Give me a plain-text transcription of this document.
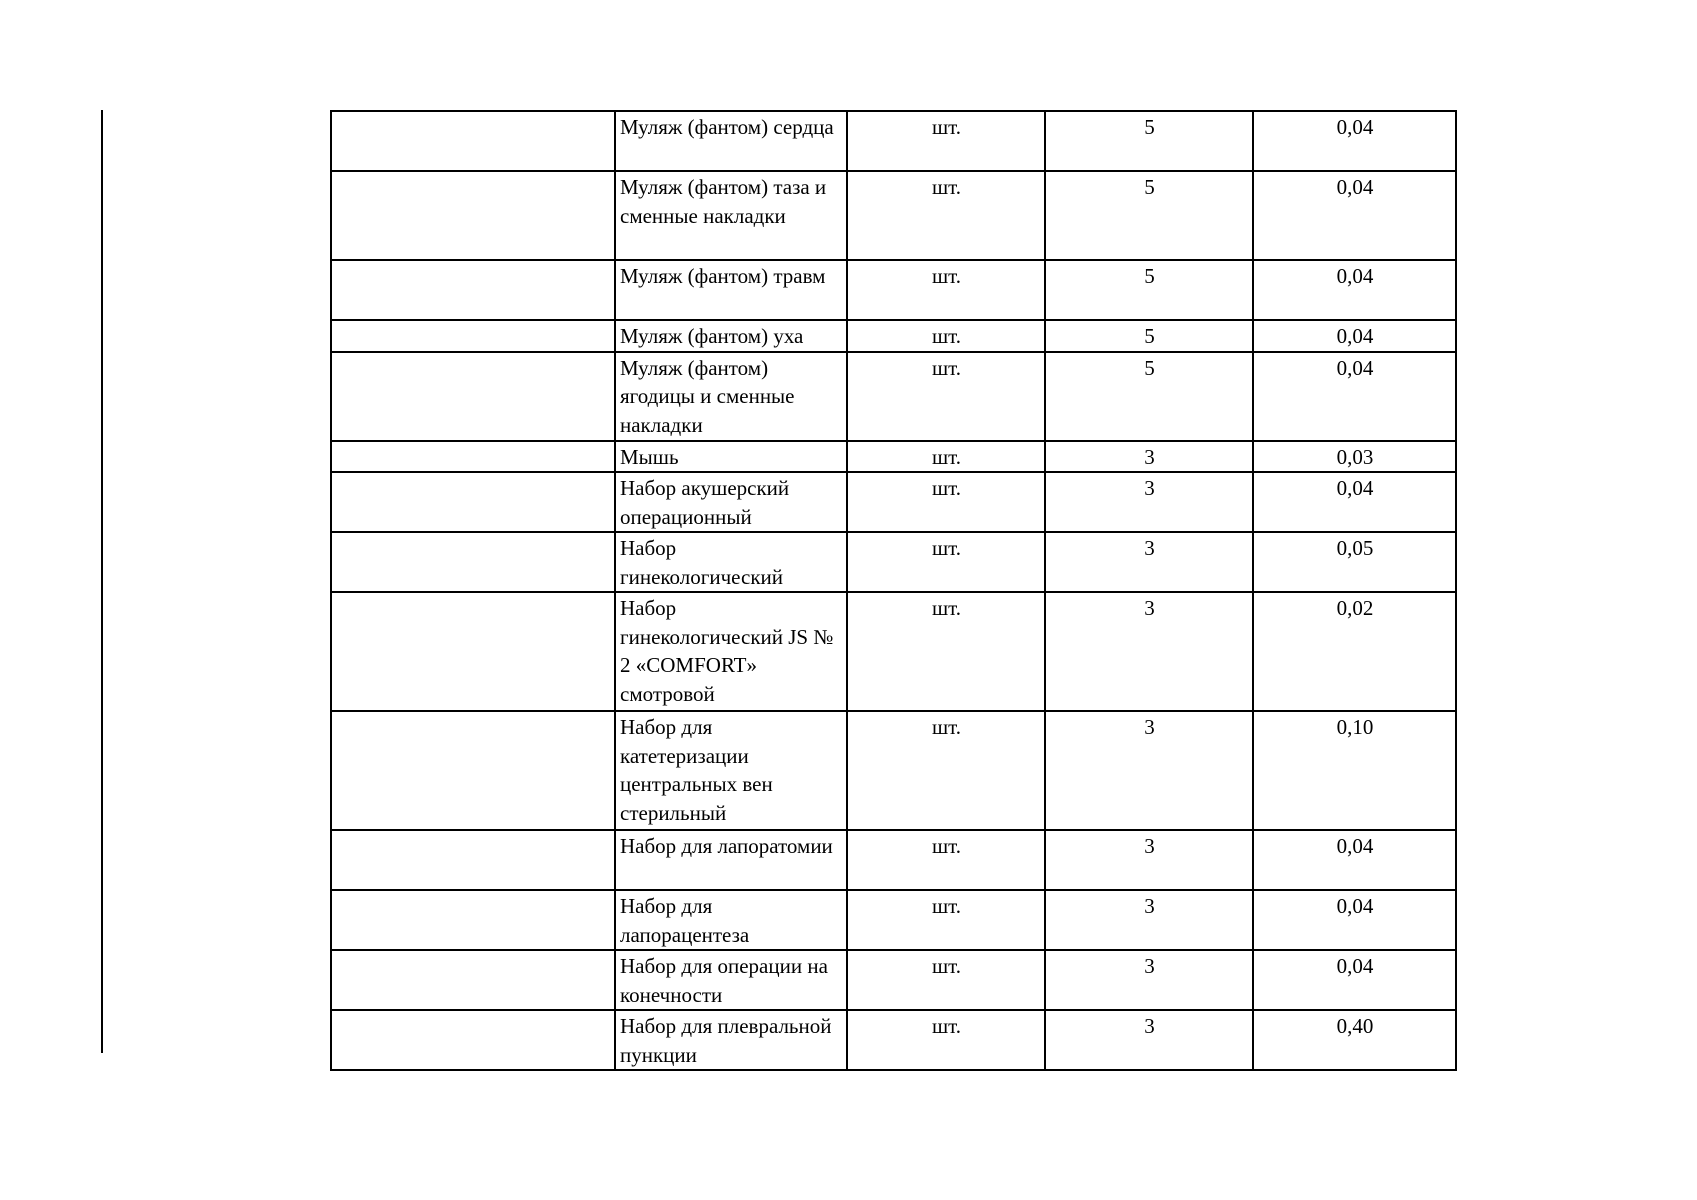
	Муляж (фантом) сердца	шт.	5	0,04
	Муляж (фантом) таза и сменные накладки	шт.	5	0,04
	Муляж (фантом) травм	шт.	5	0,04
	Муляж (фантом) уха	шт.	5	0,04
	Муляж (фантом) ягодицы и сменные накладки	шт.	5	0,04
	Мышь	шт.	3	0,03
	Набор акушерский операционный	шт.	3	0,04
	Набор гинекологический	шт.	3	0,05
	Набор гинекологический JS № 2 «COMFORT» смотровой	шт.	3	0,02
	Набор для катетеризации центральных вен стерильный	шт.	3	0,10
	Набор для лапоратомии	шт.	3	0,04
	Набор для лапорацентеза	шт.	3	0,04
	Набор для операции на конечности	шт.	3	0,04
	Набор для плевральной пункции	шт.	3	0,40
